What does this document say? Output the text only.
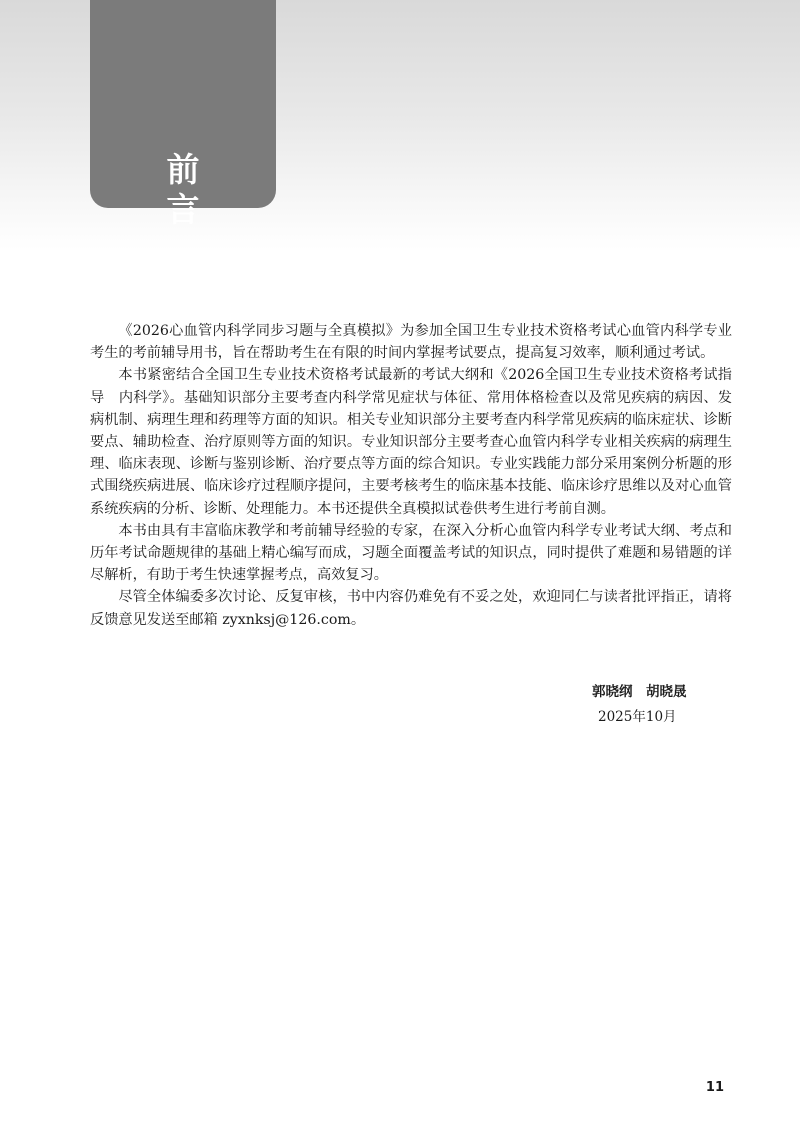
前 言

《2026心血管内科学同步习题与全真模拟》为参加全国卫生专业技术资格考试心血管内科学专业考生的考前辅导用书，旨在帮助考生在有限的时间内掌握考试要点，提高复习效率，顺利通过考试。

本书紧密结合全国卫生专业技术资格考试最新的考试大纲和《2026全国卫生专业技术资格考试指导　内科学》。基础知识部分主要考查内科学常见症状与体征、常用体格检查以及常见疾病的病因、发病机制、病理生理和药理等方面的知识。相关专业知识部分主要考查内科学常见疾病的临床症状、诊断要点、辅助检查、治疗原则等方面的知识。专业知识部分主要考查心血管内科学专业相关疾病的病理生理、临床表现、诊断与鉴别诊断、治疗要点等方面的综合知识。专业实践能力部分采用案例分析题的形式围绕疾病进展、临床诊疗过程顺序提问，主要考核考生的临床基本技能、临床诊疗思维以及对心血管系统疾病的分析、诊断、处理能力。本书还提供全真模拟试卷供考生进行考前自测。

本书由具有丰富临床教学和考前辅导经验的专家，在深入分析心血管内科学专业考试大纲、考点和历年考试命题规律的基础上精心编写而成，习题全面覆盖考试的知识点，同时提供了难题和易错题的详尽解析，有助于考生快速掌握考点，高效复习。

尽管全体编委多次讨论、反复审核，书中内容仍难免有不妥之处，欢迎同仁与读者批评指正，请将反馈意见发送至邮箱 zyxnksj@126.com。

郭晓纲　胡晓晟
2025年10月
11
